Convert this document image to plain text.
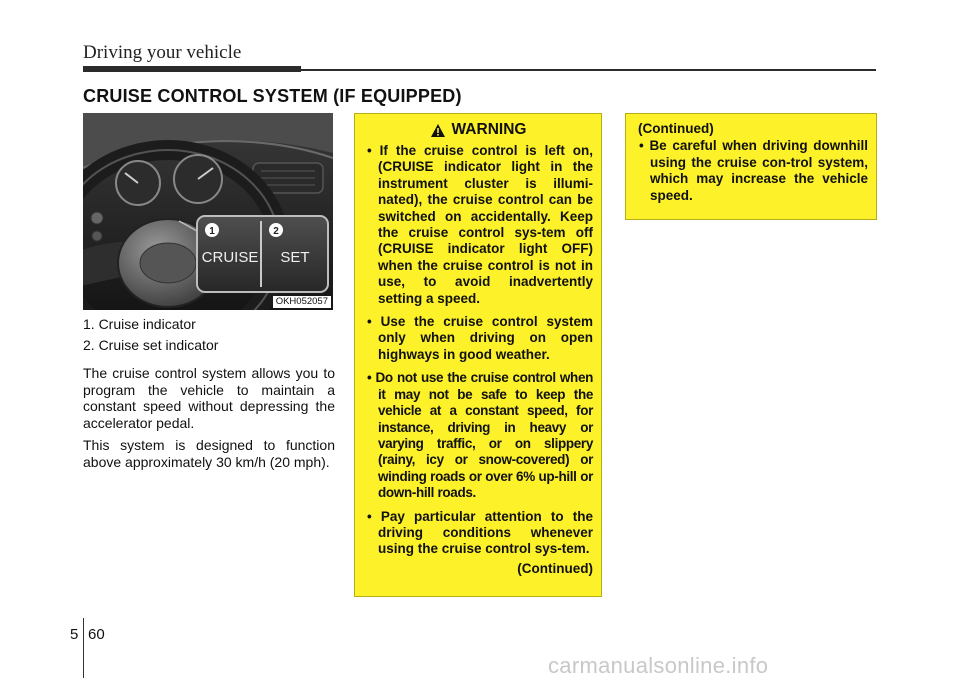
Driving your vehicle
CRUISE CONTROL SYSTEM (IF EQUIPPED)
1	2
CRUISE SET
OKH052057

1. Cruise indicator

2. Cruise set indicator

The cruise control system allows you to program the vehicle to maintain a constant speed without depressing the accelerator pedal.

This system is designed to function above approximately 30 km/h (20 mph).

WARNING
• If the cruise control is left on, (CRUISE indicator light in the instrument cluster is illumi-nated), the cruise control can be switched on accidentally. Keep the cruise control sys-tem off (CRUISE indicator light OFF) when the cruise control is not in use, to avoid inadvertently setting a speed.
• Use the cruise control system only when driving on open highways in good weather.
• Do not use the cruise control when it may not be safe to keep the vehicle at a constant speed, for instance, driving in heavy or varying traffic, or on slippery (rainy, icy or snow-covered) or winding roads or over 6% up-hill or down-hill roads.
• Pay particular attention to the driving conditions whenever using the cruise control sys-tem.
(Continued)
(Continued)
• Be careful when driving downhill using the cruise con-trol system, which may increase the vehicle speed.
5 60
carmanualsonline.info
